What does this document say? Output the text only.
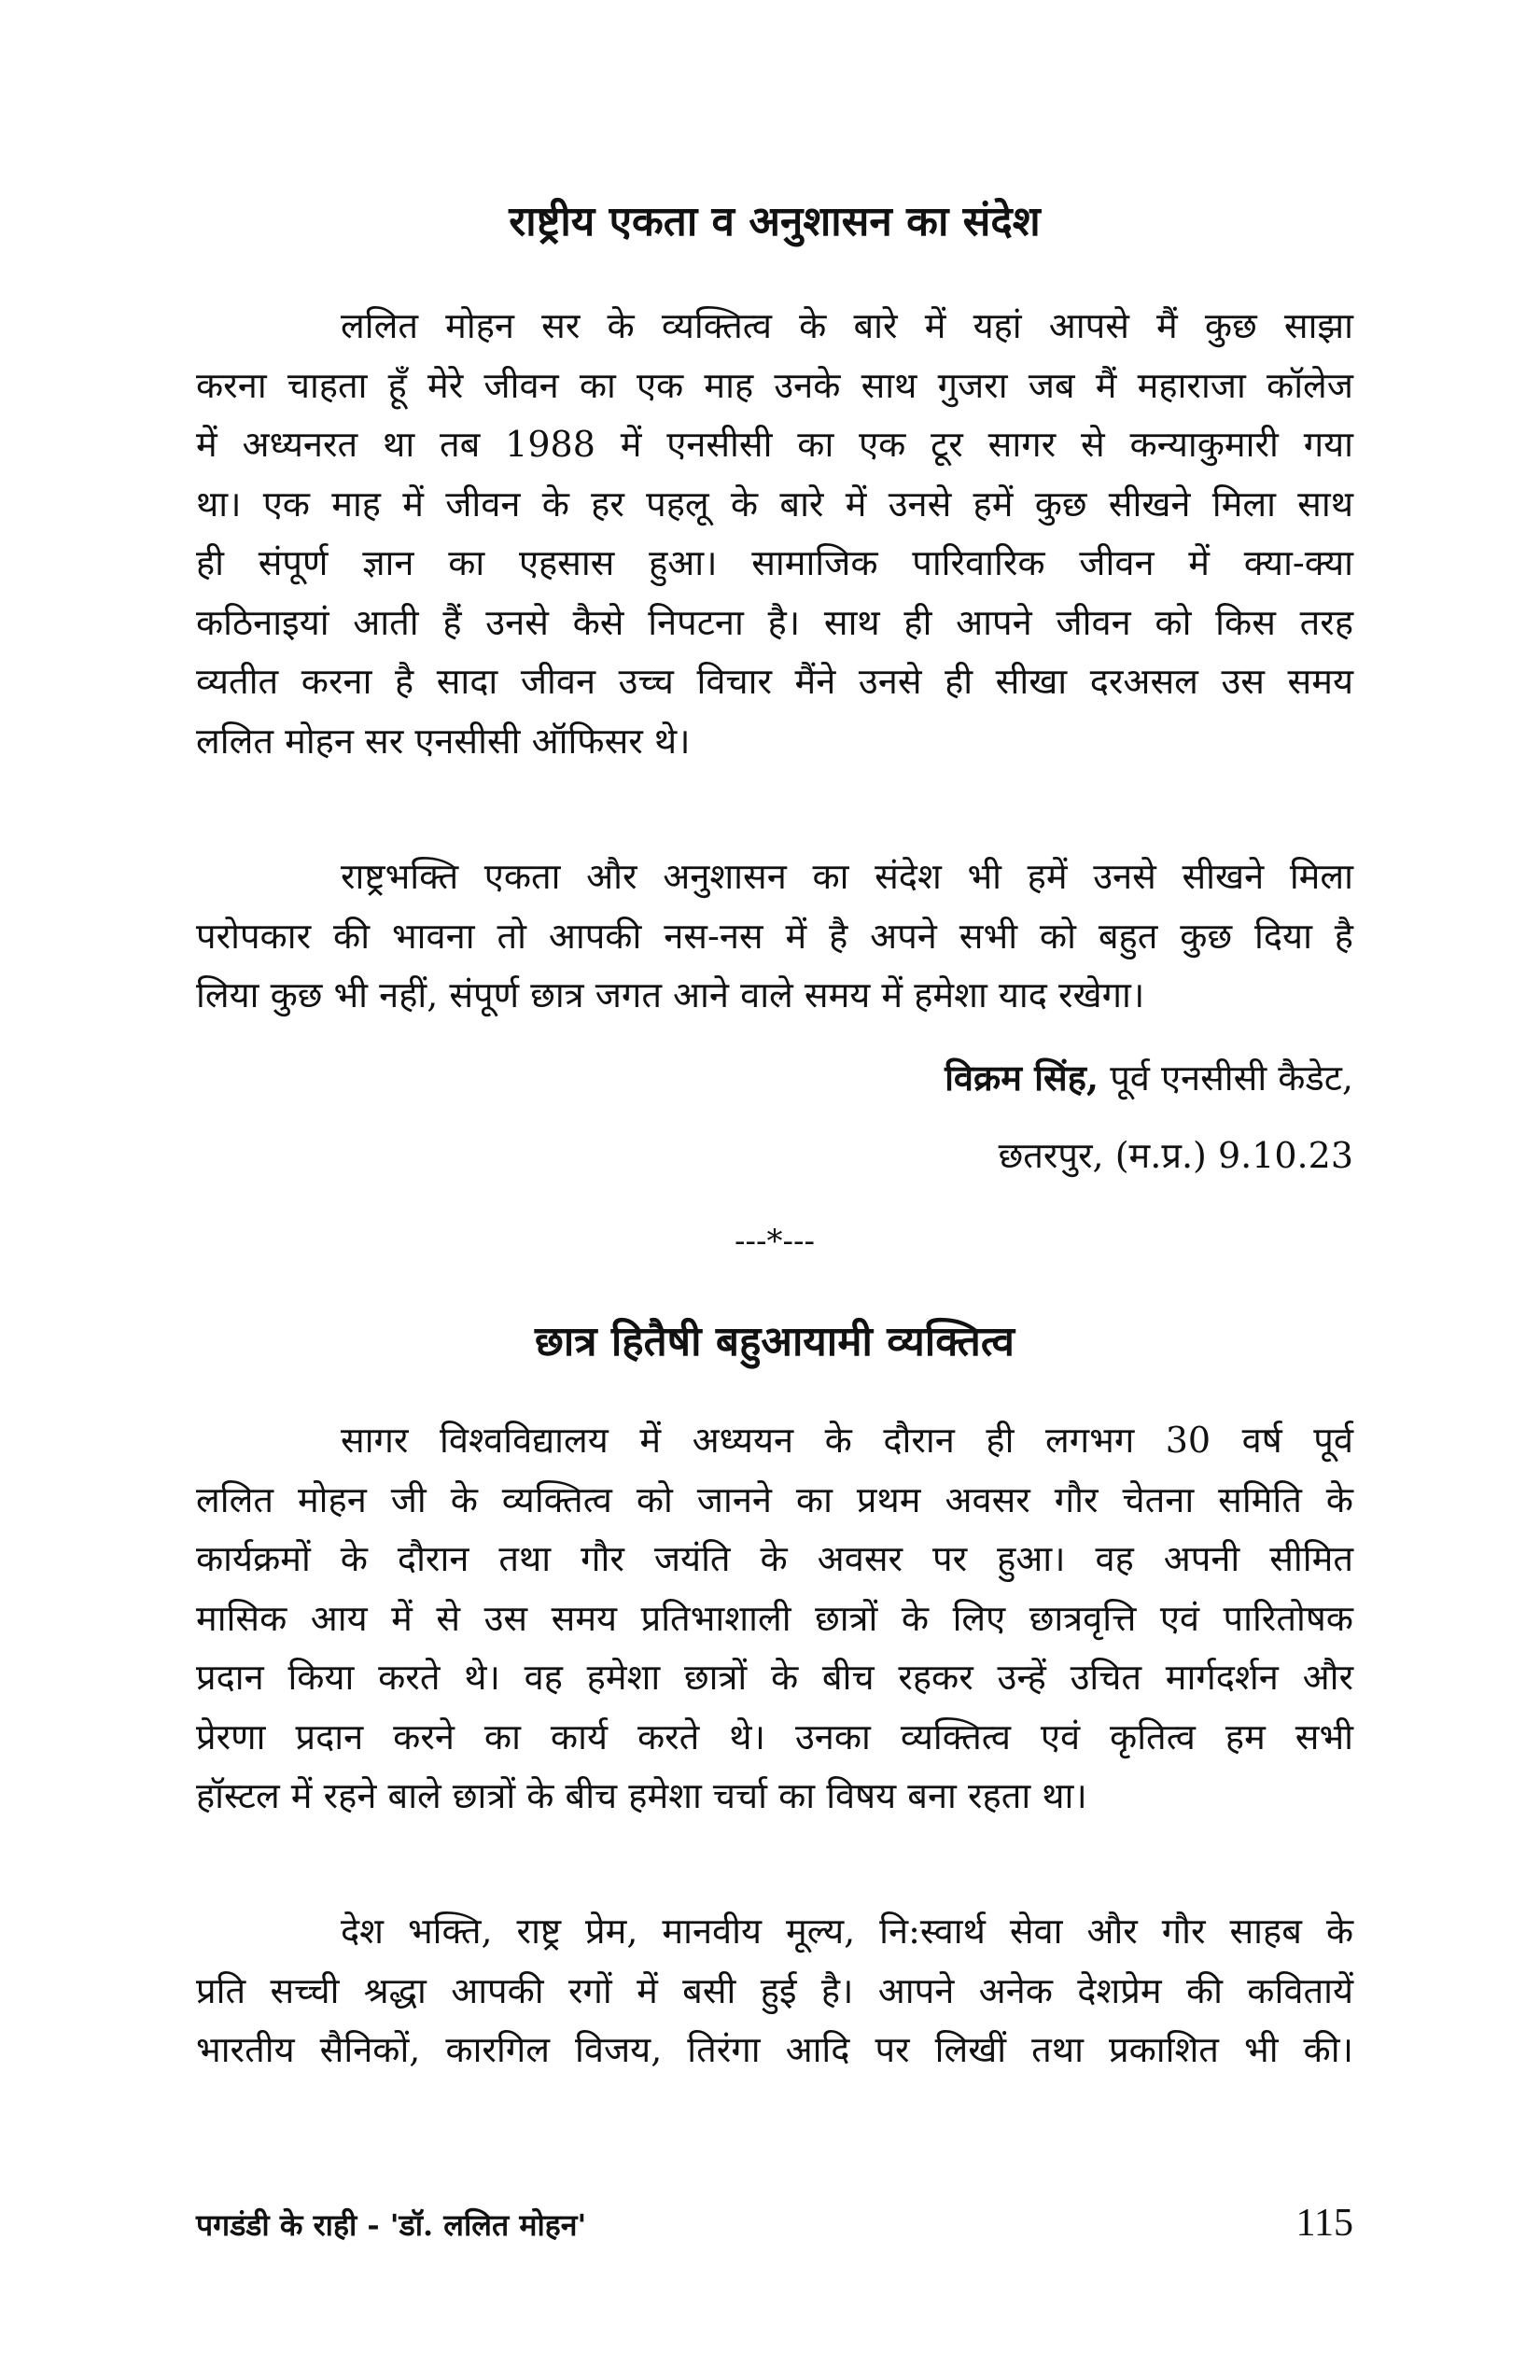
राष्ट्रीय एकता व अनुशासन का संदेश
ललित मोहन सर के व्यक्तित्व के बारे में यहां आपसे मैं कुछ साझा
करना चाहता हूँ मेरे जीवन का एक माह उनके साथ गुजरा जब मैं महाराजा कॉलेज
में अध्यनरत था तब 1988 में एनसीसी का एक टूर सागर से कन्याकुमारी गया
था। एक माह में जीवन के हर पहलू के बारे में उनसे हमें कुछ सीखने मिला साथ
ही संपूर्ण ज्ञान का एहसास हुआ। सामाजिक पारिवारिक जीवन में क्या-क्या
कठिनाइयां आती हैं उनसे कैसे निपटना है। साथ ही आपने जीवन को किस तरह
व्यतीत करना है सादा जीवन उच्च विचार मैंने उनसे ही सीखा दरअसल उस समय
ललित मोहन सर एनसीसी ऑफिसर थे।
राष्ट्रभक्ति एकता और अनुशासन का संदेश भी हमें उनसे सीखने मिला
परोपकार की भावना तो आपकी नस-नस में है अपने सभी को बहुत कुछ दिया है
लिया कुछ भी नहीं, संपूर्ण छात्र जगत आने वाले समय में हमेशा याद रखेगा।
विक्रम सिंह, पूर्व एनसीसी कैडेट,
छतरपुर, (म.प्र.) 9.10.23
---*---
छात्र हितैषी बहुआयामी व्यक्तित्व
सागर विश्वविद्यालय में अध्ययन के दौरान ही लगभग 30 वर्ष पूर्व
ललित मोहन जी के व्यक्तित्व को जानने का प्रथम अवसर गौर चेतना समिति के
कार्यक्रमों के दौरान तथा गौर जयंति के अवसर पर हुआ। वह अपनी सीमित
मासिक आय में से उस समय प्रतिभाशाली छात्रों के लिए छात्रवृत्ति एवं पारितोषक
प्रदान किया करते थे। वह हमेशा छात्रों के बीच रहकर उन्हें उचित मार्गदर्शन और
प्रेरणा प्रदान करने का कार्य करते थे। उनका व्यक्तित्व एवं कृतित्व हम सभी
हॉस्टल में रहने बाले छात्रों के बीच हमेशा चर्चा का विषय बना रहता था।
देश भक्ति, राष्ट्र प्रेम, मानवीय मूल्य, नि:स्वार्थ सेवा और गौर साहब के
प्रति सच्ची श्रद्धा आपकी रगों में बसी हुई है। आपने अनेक देशप्रेम की कवितायें
भारतीय सैनिकों, कारगिल विजय, तिरंगा आदि पर लिखीं तथा प्रकाशित भी की।
पगडंडी के राही - 'डॉ. ललित मोहन'	115
